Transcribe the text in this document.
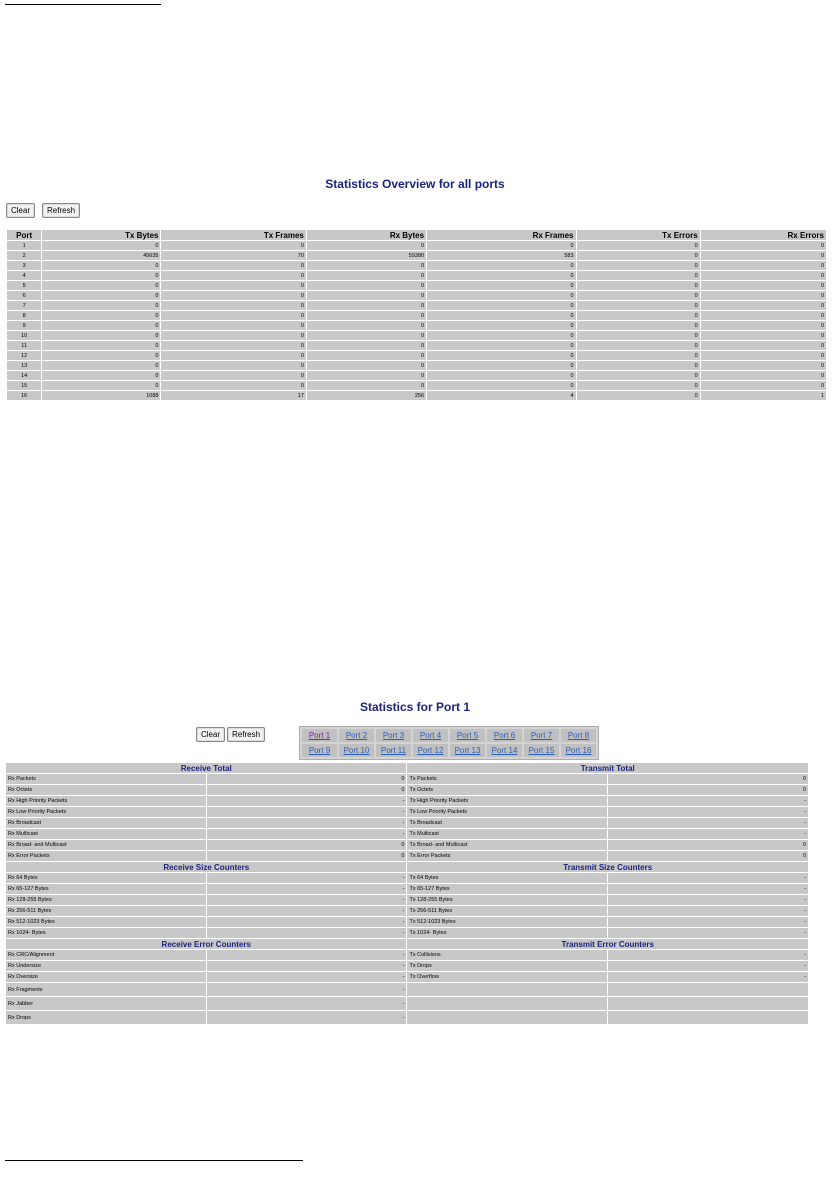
Statistics Overview for all ports
Clear	Refresh
Port	Tx Bytes	Tx Frames	Rx Bytes	Rx Frames	Tx Errors	Rx Errors
1	0	0	0	0	0	0
2	45635	70	59380	583	0	0
3	0	0	0	0	0	0
4	0	0	0	0	0	0
5	0	0	0	0	0	0
6	0	0	0	0	0	0
7	0	0	0	0	0	0
8	0	0	0	0	0	0
9	0	0	0	0	0	0
10	0	0	0	0	0	0
11	0	0	0	0	0	0
12	0	0	0	0	0	0
13	0	0	0	0	0	0
14	0	0	0	0	0	0
15	0	0	0	0	0	0
16	1088	17	256	4	0	1
Statistics for Port 1
Clear	Refresh	Port 1	Port 2	Port 3	Port 4	Port 5	Port 6	Port 7	Port 8
Port 9	Port 10	Port 11	Port 12	Port 13	Port 14	Port 15	Port 16
Receive Total		Transmit Total	
Rx Packets	0	Tx Packets	0
Rx Octets	0	Tx Octets	0
Rx High Priority Packets	-	Tx High Priority Packets	-
Rx Low Priority Packets	-	Tx Low Priority Packets	-
Rx Broadcast	-	Tx Broadcast	-
Rx Multicast	-	Tx Multicast	-
Rx Broad- and Multicast	0	Tx Broad- and Multicast	0
Rx Error Packets	0	Tx Error Packets	0
Receive Size Counters		Transmit Size Counters	
Rx 64 Bytes	-	Tx 64 Bytes	-
Rx 65-127 Bytes	-	Tx 65-127 Bytes	-
Rx 128-255 Bytes	-	Tx 128-255 Bytes	-
Rx 256-511 Bytes	-	Tx 256-511 Bytes	-
Rx 512-1023 Bytes	-	Tx 512-1023 Bytes	-
Rx 1024- Bytes	-	Tx 1024- Bytes	-
Receive Error Counters		Transmit Error Counters	
Rx CRC/Alignment	-	Tx Collisions	-
Rx Undersize	-	Tx Drops	-
Rx Oversize	-	Tx Overflow	-
Rx Fragments	-		
Rx Jabber	-		
Rx Drops	-		
